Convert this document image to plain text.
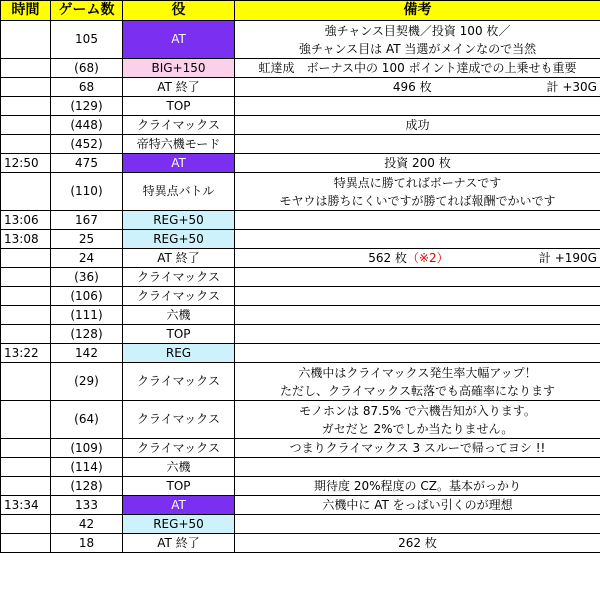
時間	ゲーム数	役	備考
	105	AT	強チャンス目契機／投資 100 枚／
強チャンス目は AT 当選がメインなので当然

	(68)	BIG+150	虹達成　ボーナス中の 100 ポイント達成での上乗せも重要

	68	AT 終了	496 枚 計 +30G

	(129)	TOP	

	(448)	クライマックス	成功

	(452)	帝特六機モード	

12:50	475	AT	投資 200 枚

	(110)	特異点バトル	特異点に勝てればボーナスです
モヤウは勝ちにくいですが勝てれば報酬でかいです

13:06	167	REG+50	

13:08	25	REG+50	

	24	AT 終了	562 枚（※2） 計 +190G

	(36)	クライマックス	

	(106)	クライマックス	

	(111)	六機	

	(128)	TOP	

13:22	142	REG	

	(29)	クライマックス	六機中はクライマックス発生率大幅アップ！
ただし、クライマックス転落でも高確率になります

	(64)	クライマックス	モノホンは 87.5% で六機告知が入ります。
ガセだと 2%でしか当たりません。

	(109)	クライマックス	つまりクライマックス 3 スルーで帰ってヨシ !!

	(114)	六機	

	(128)	TOP	期待度 20%程度の CZ。基本がっかり

13:34	133	AT	六機中に AT をっぱい引くのが理想

	42	REG+50	

	18	AT 終了	262 枚
